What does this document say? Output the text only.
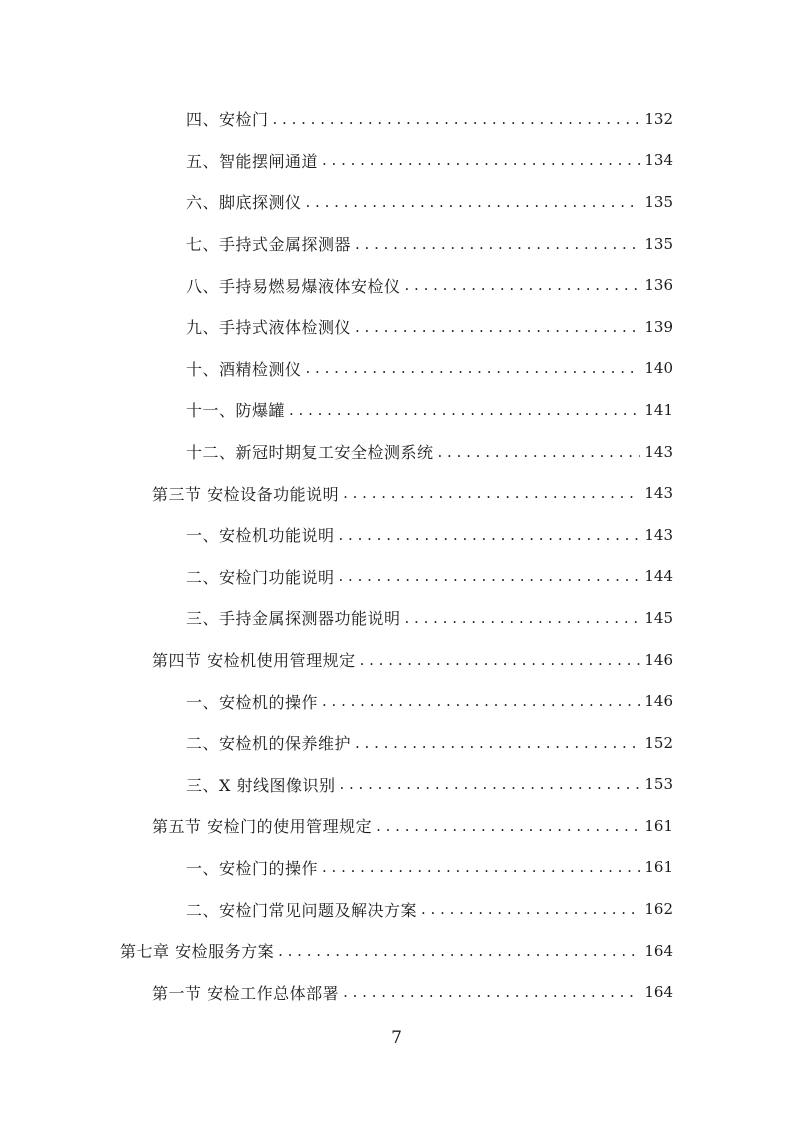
四、安检门 . . .	132
五、智能摆闸通道 . . .	134
六、脚底探测仪 . . .	135
七、手持式金属探测器 . . .	135
八、手持易燃易爆液体安检仪 . . .	136
九、手持式液体检测仪 . . .	139
十、酒精检测仪 . . .	140
十一、防爆罐 . . .	141
十二、新冠时期复工安全检测系统 . . .	143
第三节 安检设备功能说明 . . .	143
一、安检机功能说明 . . .	143
二、安检门功能说明 . . .	144
三、手持金属探测器功能说明 . . .	145
第四节 安检机使用管理规定 . . .	146
一、安检机的操作 . . .	146
二、安检机的保养维护 . . .	152
三、X 射线图像识别 . . .	153
第五节 安检门的使用管理规定 . . .	161
一、安检门的操作 . . .	161
二、安检门常见问题及解决方案 . . .	162
第七章 安检服务方案 . . .	164
第一节 安检工作总体部署 . . .	164
7
